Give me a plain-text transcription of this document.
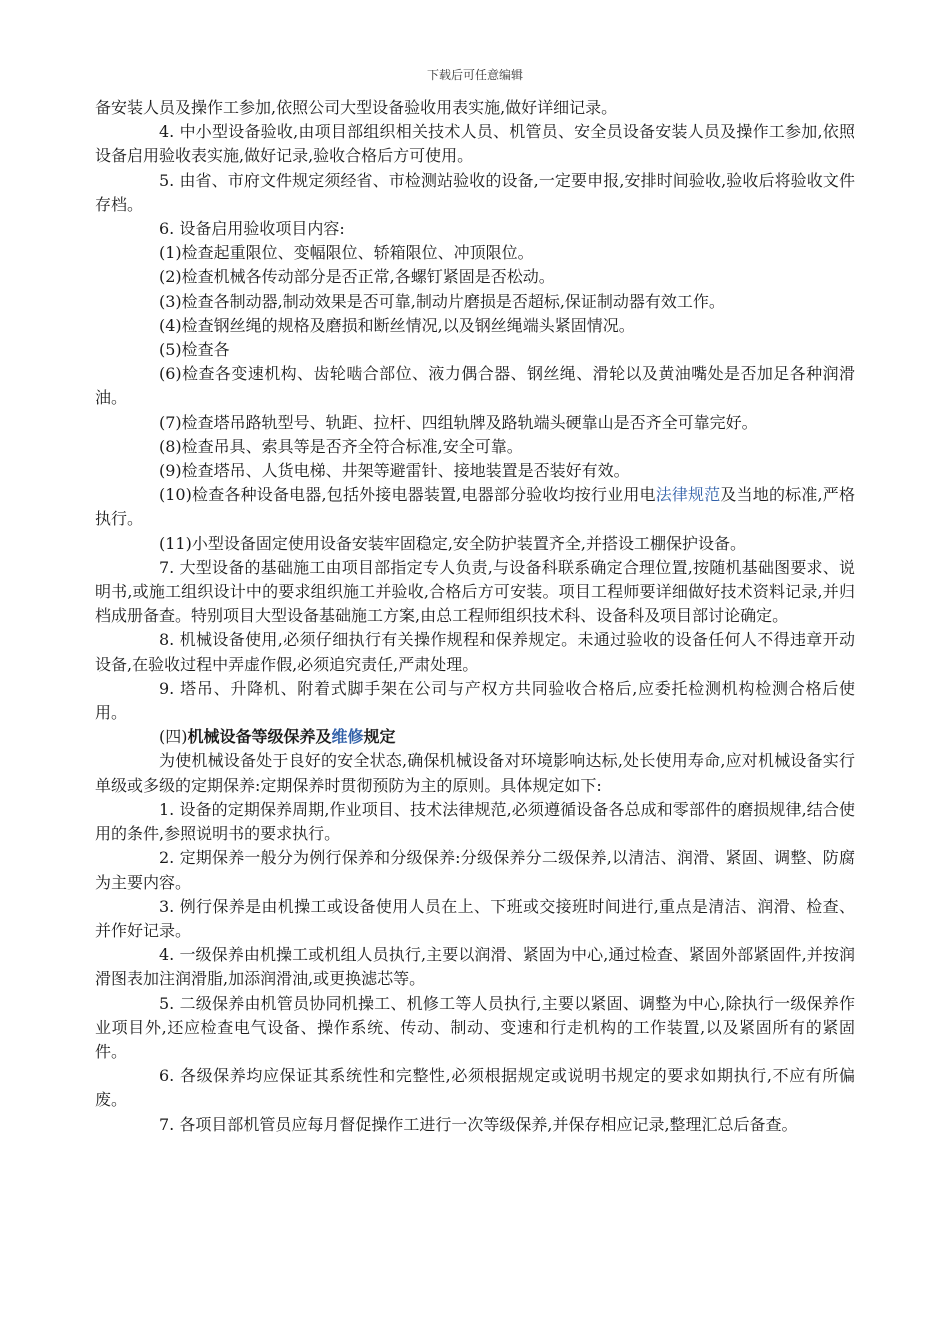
下载后可任意编辑

备安装人员及操作工参加,依照公司大型设备验收用表实施,做好详细记录。

4. 中小型设备验收,由项目部组织相关技术人员、机管员、安全员设备安装人员及操作工参加,依照设备启用验收表实施,做好记录,验收合格后方可使用。

5. 由省、市府文件规定须经省、市检测站验收的设备,一定要申报,安排时间验收,验收后将验收文件存档。

6. 设备启用验收项目内容:

(1)检查起重限位、变幅限位、轿箱限位、冲顶限位。

(2)检查机械各传动部分是否正常,各螺钉紧固是否松动。

(3)检查各制动器,制动效果是否可靠,制动片磨损是否超标,保证制动器有效工作。

(4)检查钢丝绳的规格及磨损和断丝情况,以及钢丝绳端头紧固情况。

(5)检查各

(6)检查各变速机构、齿轮啮合部位、液力偶合器、钢丝绳、滑轮以及黄油嘴处是否加足各种润滑油。

(7)检查塔吊路轨型号、轨距、拉杆、四组轨牌及路轨端头硬靠山是否齐全可靠完好。

(8)检查吊具、索具等是否齐全符合标准,安全可靠。

(9)检查塔吊、人货电梯、井架等避雷针、接地装置是否装好有效。

(10)检查各种设备电器,包括外接电器装置,电器部分验收均按行业用电法律规范及当地的标准,严格执行。

(11)小型设备固定使用设备安装牢固稳定,安全防护装置齐全,并搭设工棚保护设备。

7. 大型设备的基础施工由项目部指定专人负责,与设备科联系确定合理位置,按随机基础图要求、说明书,或施工组织设计中的要求组织施工并验收,合格后方可安装。项目工程师要详细做好技术资料记录,并归档成册备查。特别项目大型设备基础施工方案,由总工程师组织技术科、设备科及项目部讨论确定。

8. 机械设备使用,必须仔细执行有关操作规程和保养规定。未通过验收的设备任何人不得违章开动设备,在验收过程中弄虚作假,必须追究责任,严肃处理。

9. 塔吊、升降机、附着式脚手架在公司与产权方共同验收合格后,应委托检测机构检测合格后使用。

(四)机械设备等级保养及维修规定

为使机械设备处于良好的安全状态,确保机械设备对环境影响达标,处长使用寿命,应对机械设备实行单级或多级的定期保养:定期保养时贯彻预防为主的原则。具体规定如下:

1. 设备的定期保养周期,作业项目、技术法律规范,必须遵循设备各总成和零部件的磨损规律,结合使用的条件,参照说明书的要求执行。

2. 定期保养一般分为例行保养和分级保养:分级保养分二级保养,以清洁、润滑、紧固、调整、防腐为主要内容。

3. 例行保养是由机操工或设备使用人员在上、下班或交接班时间进行,重点是清洁、润滑、检查、并作好记录。

4. 一级保养由机操工或机组人员执行,主要以润滑、紧固为中心,通过检查、紧固外部紧固件,并按润滑图表加注润滑脂,加添润滑油,或更换滤芯等。

5. 二级保养由机管员协同机操工、机修工等人员执行,主要以紧固、调整为中心,除执行一级保养作业项目外,还应检查电气设备、操作系统、传动、制动、变速和行走机构的工作装置,以及紧固所有的紧固件。

6. 各级保养均应保证其系统性和完整性,必须根据规定或说明书规定的要求如期执行,不应有所偏废。

7. 各项目部机管员应每月督促操作工进行一次等级保养,并保存相应记录,整理汇总后备查。
